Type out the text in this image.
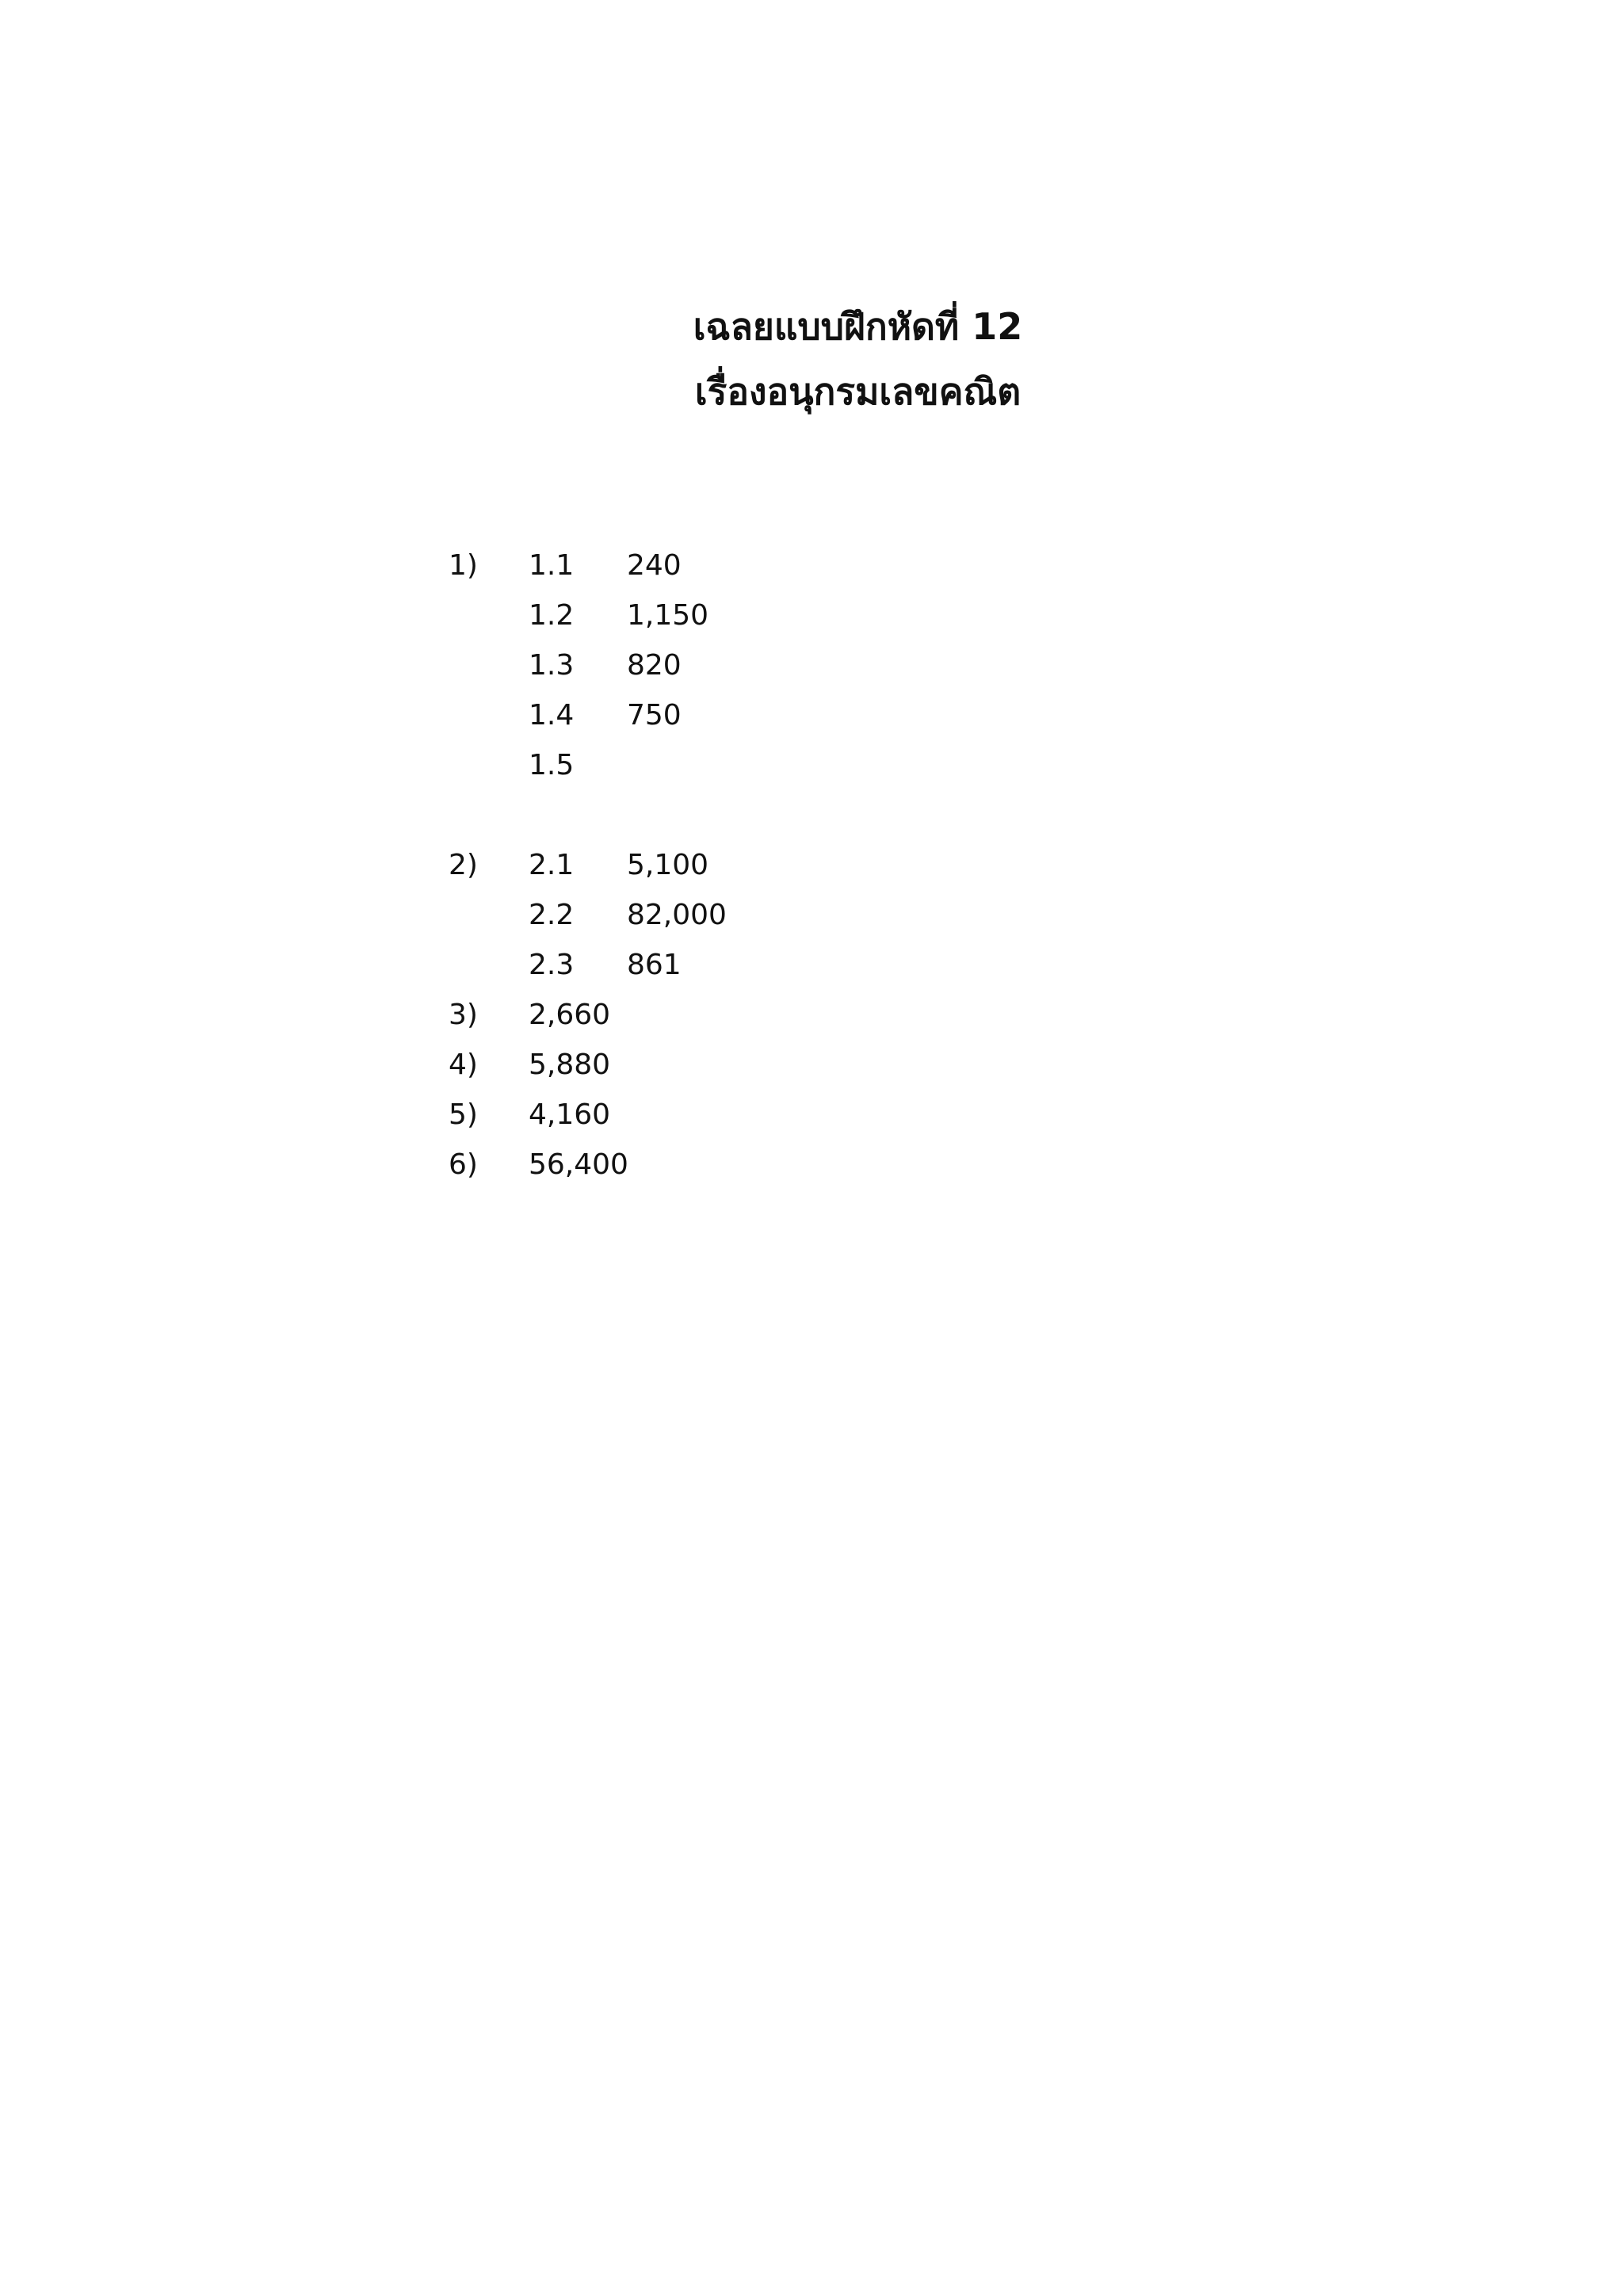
เฉลยแบบฝึกหัดที่ 12
เรื่องอนุกรมเลขคณิต
1) 1.1 240
1.2 1,150
1.3 820
1.4 750
1.5
2) 2.1 5,100
2.2 82,000
2.3 861
3) 2,660
4) 5,880
5) 4,160
6) 56,400
